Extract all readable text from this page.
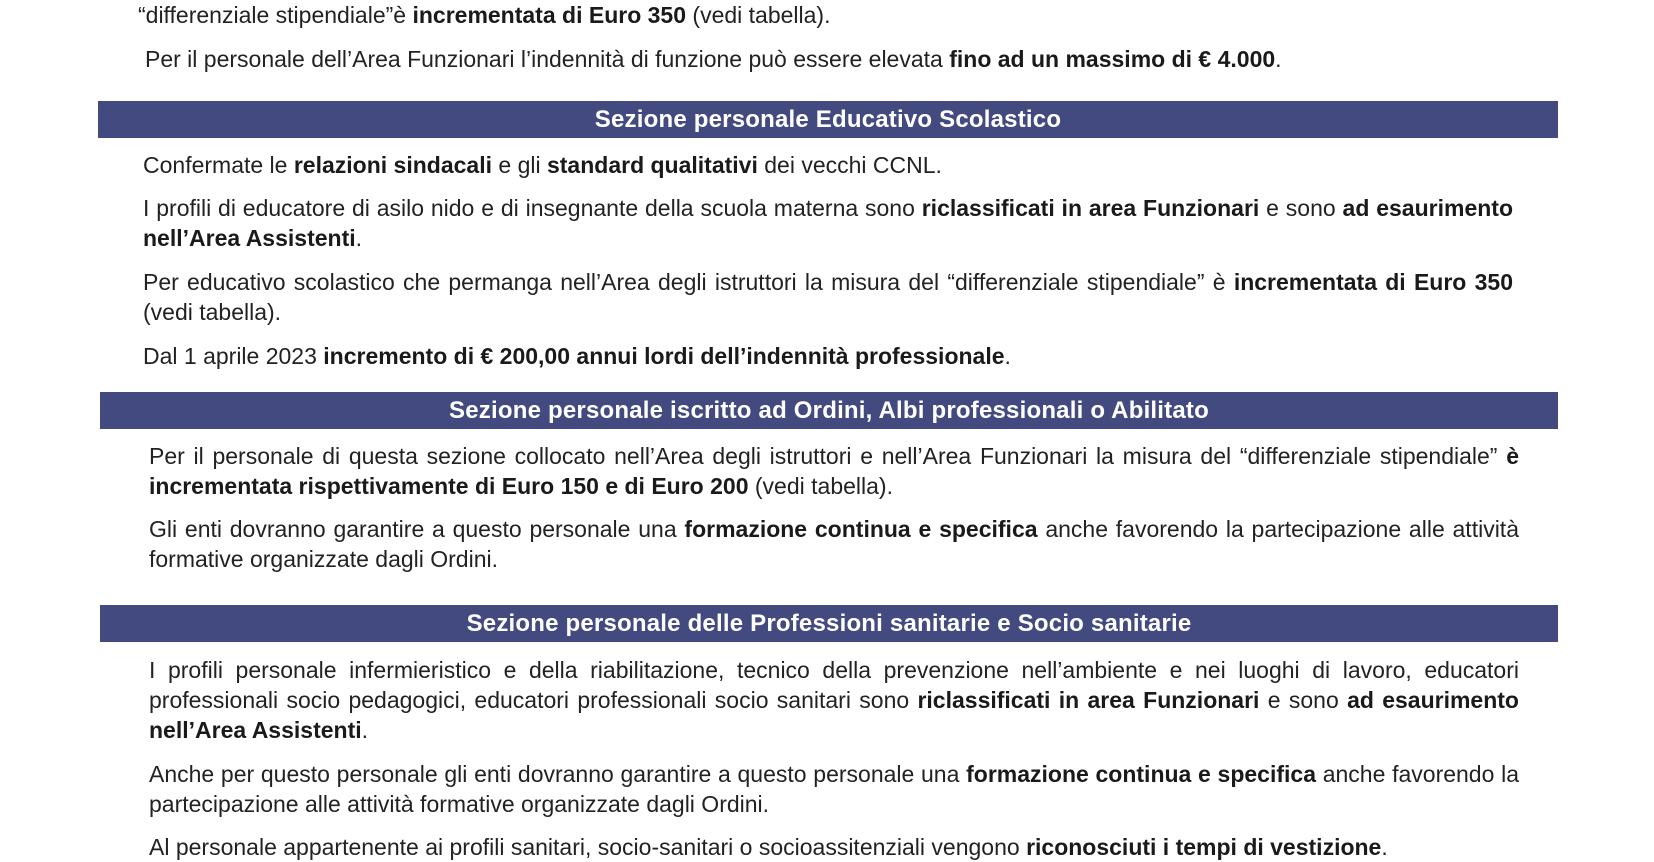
“differenziale stipendiale”è incrementata di Euro 350 (vedi tabella).

Per il personale dell’Area Funzionari l’indennità di funzione può essere elevata fino ad un massimo di € 4.000.

Sezione personale Educativo Scolastico

Confermate le relazioni sindacali e gli standard qualitativi dei vecchi CCNL.

I profili di educatore di asilo nido e di insegnante della scuola materna sono riclassificati in area Funzionari e sono ad esaurimento nell’Area Assistenti.

Per educativo scolastico che permanga nell’Area degli istruttori la misura del “differenziale stipendiale” è incrementata di Euro 350 (vedi tabella).

Dal 1 aprile 2023 incremento di € 200,00 annui lordi dell’indennità professionale.

Sezione personale iscritto ad Ordini, Albi professionali o Abilitato

Per il personale di questa sezione collocato nell’Area degli istruttori e nell’Area Funzionari la misura del “differenziale stipendiale” è incrementata rispettivamente di Euro 150 e di Euro 200 (vedi tabella).

Gli enti dovranno garantire a questo personale una formazione continua e specifica anche favorendo la partecipazione alle attività formative organizzate dagli Ordini.

Sezione personale delle Professioni sanitarie e Socio sanitarie

I profili personale infermieristico e della riabilitazione, tecnico della prevenzione nell’ambiente e nei luoghi di lavoro, educatori professionali socio pedagogici, educatori professionali socio sanitari sono riclassificati in area Funzionari e sono ad esaurimento nell’Area Assistenti.

Anche per questo personale gli enti dovranno garantire a questo personale una formazione continua e specifica anche favorendo la partecipazione alle attività formative organizzate dagli Ordini.

Al personale appartenente ai profili sanitari, socio-sanitari o socioassitenziali vengono riconosciuti i tempi di vestizione.
